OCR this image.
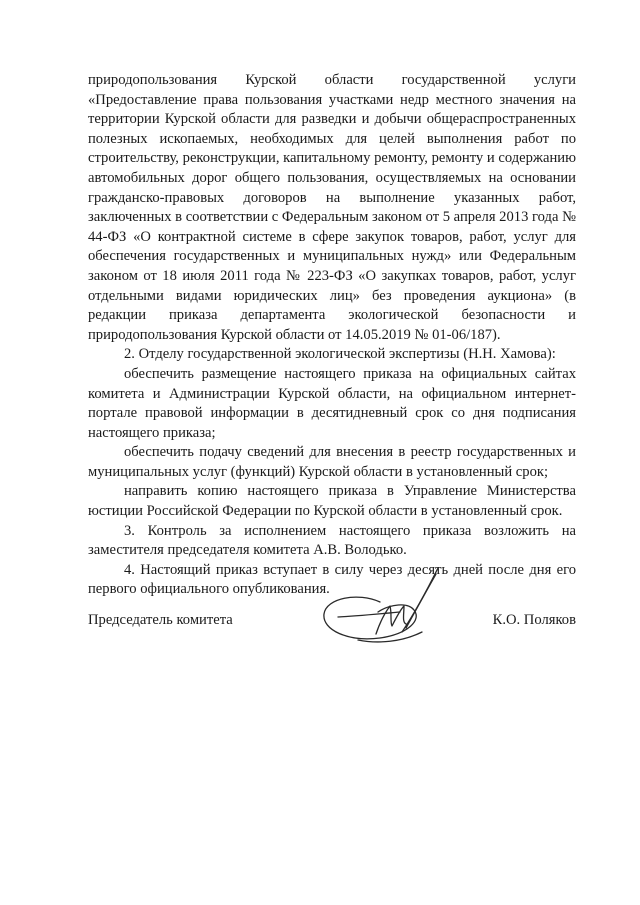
природопользования Курской области государственной услуги «Предоставление права пользования участками недр местного значения на территории Курской области для разведки и добычи общераспространенных полезных ископаемых, необходимых для целей выполнения работ по строительству, реконструкции, капитальному ремонту, ремонту и содержанию автомобильных дорог общего пользования, осуществляемых на основании гражданско-правовых договоров на выполнение указанных работ, заключенных в соответствии с Федеральным законом от 5 апреля 2013 года № 44-ФЗ «О контрактной системе в сфере закупок товаров, работ, услуг для обеспечения государственных и муниципальных нужд» или Федеральным законом от 18 июля 2011 года № 223-ФЗ «О закупках товаров, работ, услуг отдельными видами юридических лиц» без проведения аукциона» (в редакции приказа департамента экологической безопасности и природопользования Курской области от 14.05.2019 № 01-06/187).

2. Отделу государственной экологической экспертизы (Н.Н. Хамова):

обеспечить размещение настоящего приказа на официальных сайтах комитета и Администрации Курской области, на официальном интернет-портале правовой информации в десятидневный срок со дня подписания настоящего приказа;

обеспечить подачу сведений для внесения в реестр государственных и муниципальных услуг (функций) Курской области в установленный срок;

направить копию настоящего приказа в Управление Министерства юстиции Российской Федерации по Курской области в установленный срок.

3. Контроль за исполнением настоящего приказа возложить на заместителя председателя комитета А.В. Володько.

4. Настоящий приказ вступает в силу через десять дней после дня его первого официального опубликования.

Председатель комитета	К.О. Поляков
